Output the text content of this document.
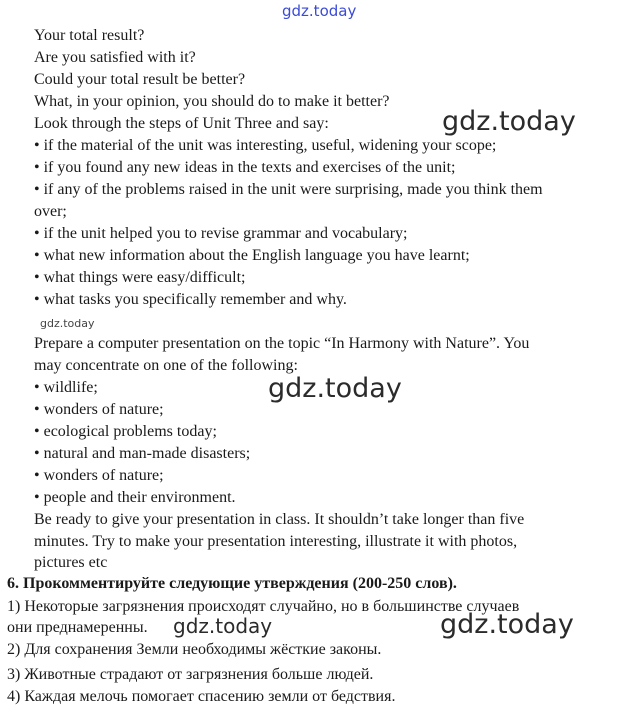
gdz.today
Your total result?
Are you satisfied with it?
Could your total result be better?
What, in your opinion, you should do to make it better?
Look through the steps of Unit Three and say:
• if the material of the unit was interesting, useful, widening your scope;
• if you found any new ideas in the texts and exercises of the unit;
• if any of the problems raised in the unit were surprising, made you think them
over;
• if the unit helped you to revise grammar and vocabulary;
• what new information about the English language you have learnt;
• what things were easy/difficult;
• what tasks you specifically remember and why.
gdz.today
gdz.today
Prepare a computer presentation on the topic “In Harmony with Nature”. You
may concentrate on one of the following:
• wildlife;
• wonders of nature;
• ecological problems today;
• natural and man-made disasters;
• wonders of nature;
• people and their environment.
Be ready to give your presentation in class. It shouldn’t take longer than five
minutes. Try to make your presentation interesting, illustrate it with photos,
pictures etc
gdz.today
6. Прокомментируйте следующие утверждения (200-250 слов).
1) Некоторые загрязнения происходят случайно, но в большинстве случаев
они преднамеренны.
2) Для сохранения Земли необходимы жёсткие законы.
3) Животные страдают от загрязнения больше людей.
4) Каждая мелочь помогает спасению земли от бедствия.
gdz.today	gdz.today
